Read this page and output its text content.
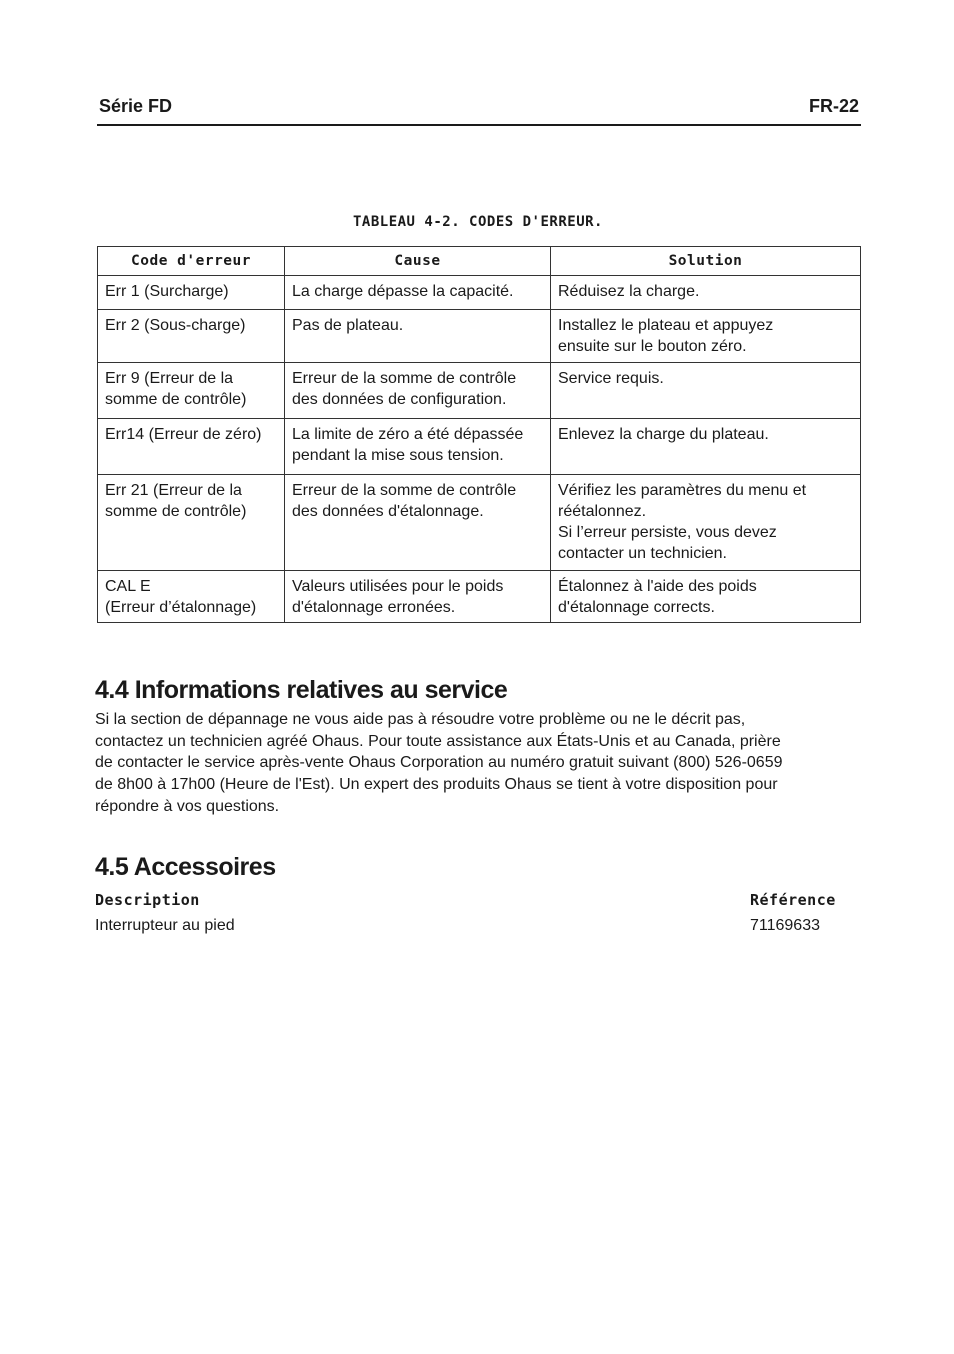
Série FD	FR-22
TABLEAU 4-2. CODES D'ERREUR.
Code d'erreur	Cause	Solution

Err 1 (Surcharge)	La charge dépasse la capacité.	Réduisez la charge.

Err 2 (Sous-charge)	Pas de plateau.	Installez le plateau et appuyez
ensuite sur le bouton zéro.

Err 9 (Erreur de la
somme de contrôle)	Erreur de la somme de contrôle
des données de configuration.	Service requis.

Err14 (Erreur de zéro)	La limite de zéro a été dépassée
pendant la mise sous tension.	Enlevez la charge du plateau.

Err 21 (Erreur de la
somme de contrôle)	Erreur de la somme de contrôle
des données d'étalonnage.	Vérifiez les paramètres du menu et
réétalonnez.
Si l’erreur persiste, vous devez
contacter un technicien.

CAL E
(Erreur d’étalonnage)	Valeurs utilisées pour le poids
d'étalonnage erronées.	Étalonnez à l'aide des poids
d'étalonnage corrects.
4.4 Informations relatives au service
Si la section de dépannage ne vous aide pas à résoudre votre problème ou ne le décrit pas,
contactez un technicien agréé Ohaus. Pour toute assistance aux États-Unis et au Canada, prière
de contacter le service après-vente Ohaus Corporation au numéro gratuit suivant (800) 526-0659
de 8h00 à 17h00 (Heure de l'Est). Un expert des produits Ohaus se tient à votre disposition pour
répondre à vos questions.
4.5 Accessoires
Description	Référence
Interrupteur au pied	71169633
